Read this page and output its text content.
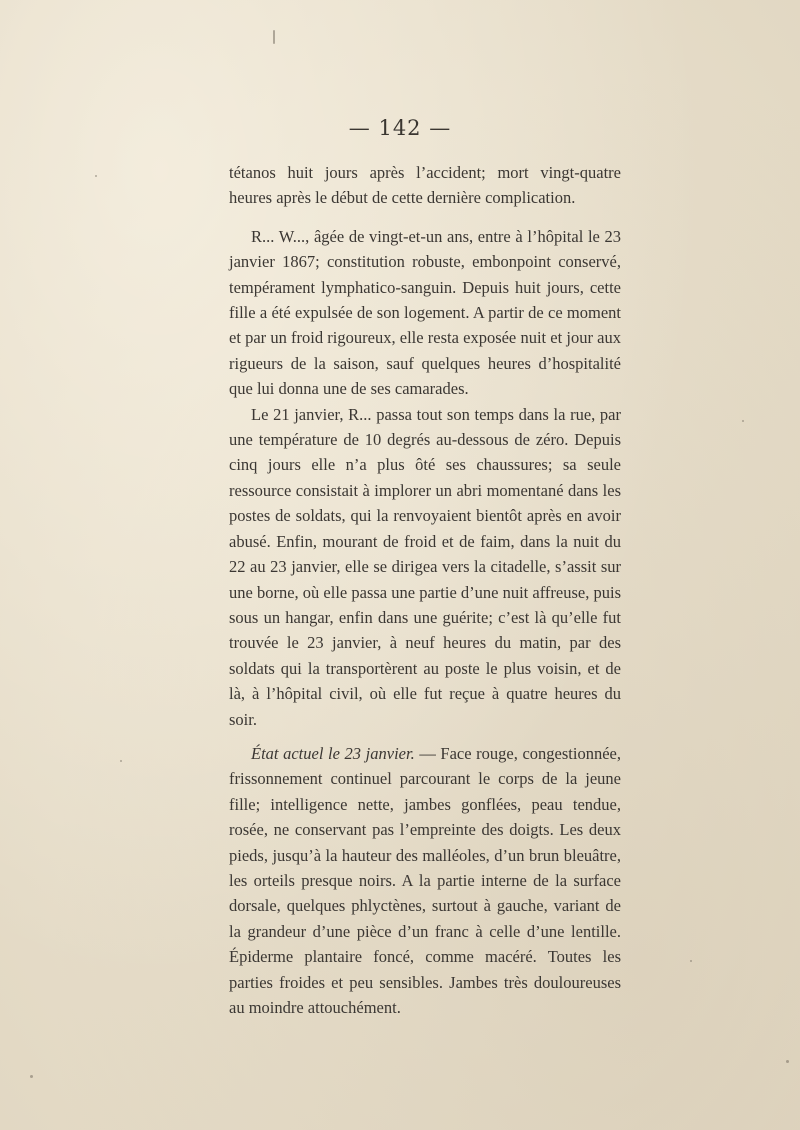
— 142 —

tétanos huit jours après l’accident; mort vingt-quatre heures après le début de cette dernière complication.

R... W..., âgée de vingt-et-un ans, entre à l’hôpital le 23 janvier 1867; constitution robuste, embonpoint conservé, tempérament lymphatico-sanguin. Depuis huit jours, cette fille a été expulsée de son logement. A partir de ce moment et par un froid rigoureux, elle resta exposée nuit et jour aux rigueurs de la saison, sauf quelques heures d’hospitalité que lui donna une de ses camarades.

Le 21 janvier, R... passa tout son temps dans la rue, par une température de 10 degrés au-dessous de zéro. Depuis cinq jours elle n’a plus ôté ses chaussures; sa seule ressource consistait à implorer un abri momentané dans les postes de soldats, qui la renvoyaient bientôt après en avoir abusé. Enfin, mourant de froid et de faim, dans la nuit du 22 au 23 janvier, elle se dirigea vers la citadelle, s’assit sur une borne, où elle passa une partie d’une nuit affreuse, puis sous un hangar, enfin dans une guérite; c’est là qu’elle fut trouvée le 23 janvier, à neuf heures du matin, par des soldats qui la transportèrent au poste le plus voisin, et de là, à l’hôpital civil, où elle fut reçue à quatre heures du soir.

État actuel le 23 janvier. — Face rouge, congestionnée, frissonnement continuel parcourant le corps de la jeune fille; intelligence nette, jambes gonflées, peau tendue, rosée, ne conservant pas l’empreinte des doigts. Les deux pieds, jusqu’à la hauteur des malléoles, d’un brun bleuâtre, les orteils presque noirs. A la partie interne de la surface dorsale, quelques phlyctènes, surtout à gauche, variant de la grandeur d’une pièce d’un franc à celle d’une lentille. Épiderme plantaire foncé, comme macéré. Toutes les parties froides et peu sensibles. Jambes très douloureuses au moindre attouchément.
